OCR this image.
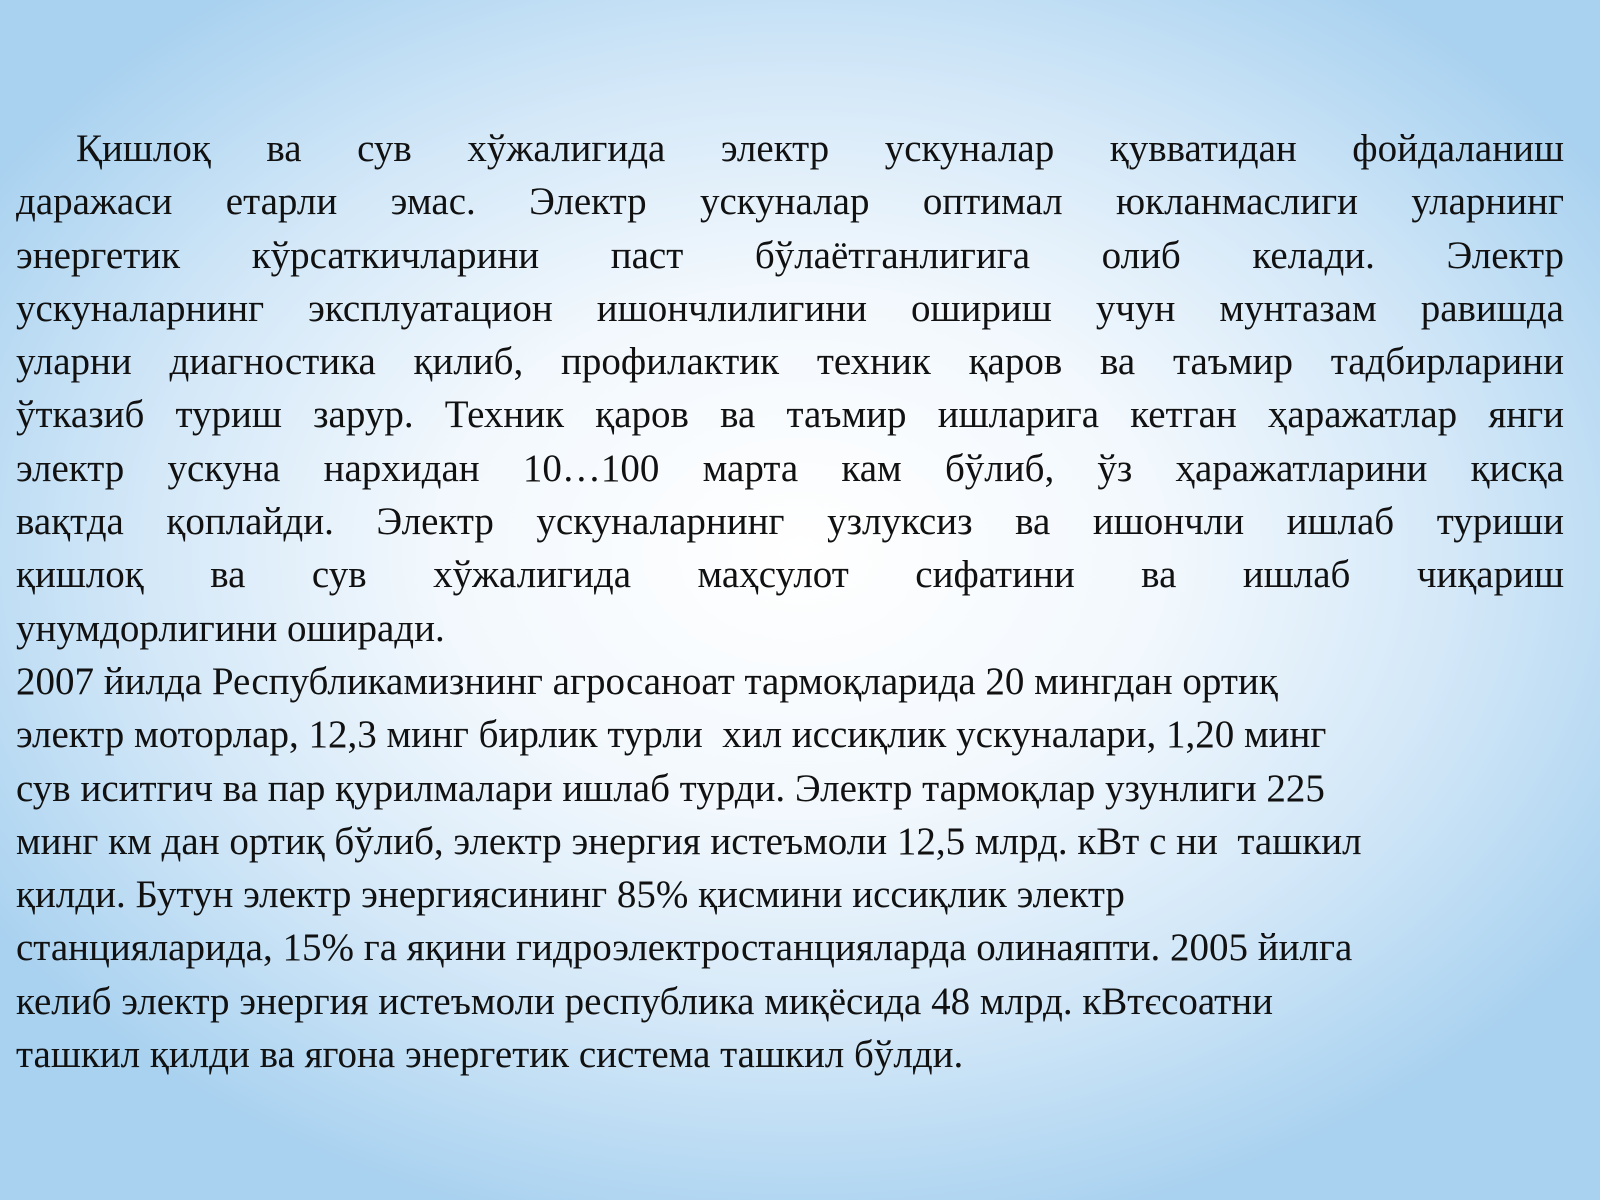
Қишлоқ ва сув хўжалигида электр ускуналар қувватидан фойдаланиш
даражаси етарли эмас. Электр ускуналар оптимал юкланмаслиги уларнинг
энергетик кўрсаткичларини паст бўлаётганлигига олиб келади. Электр
ускуналарнинг эксплуатацион ишончлилигини ошириш учун мунтазам равишда
уларни диагностика қилиб, профилактик техник қаров ва таъмир тадбирларини
ўтказиб туриш зарур. Техник қаров ва таъмир ишларига кетган ҳаражатлар янги
электр ускуна нархидан 10…100 марта кам бўлиб, ўз ҳаражатларини қисқа
вақтда қоплайди. Электр ускуналарнинг узлуксиз ва ишончли ишлаб туриши
қишлоқ ва сув хўжалигида маҳсулот сифатини ва ишлаб чиқариш
унумдорлигини оширади.
2007 йилда Республикамизнинг агросаноат тармоқларида 20 мингдан ортиқ
электр моторлар, 12,3 минг бирлик турли  хил иссиқлик ускуналари, 1,20 минг
сув иситгич ва пар қурилмалари ишлаб турди. Электр тармоқлар узунлиги 225
минг км дан ортиқ бўлиб, электр энергия истеъмоли 12,5 млрд. кВт с ни  ташкил
қилди. Бутун электр энергиясининг 85% қисмини иссиқлик электр
станцияларида, 15% га яқини гидроэлектростанцияларда олинаяпти. 2005 йилга
келиб электр энергия истеъмоли республика миқёсида 48 млрд. кВтєсоатни
ташкил қилди ва ягона энергетик система ташкил бўлди.
